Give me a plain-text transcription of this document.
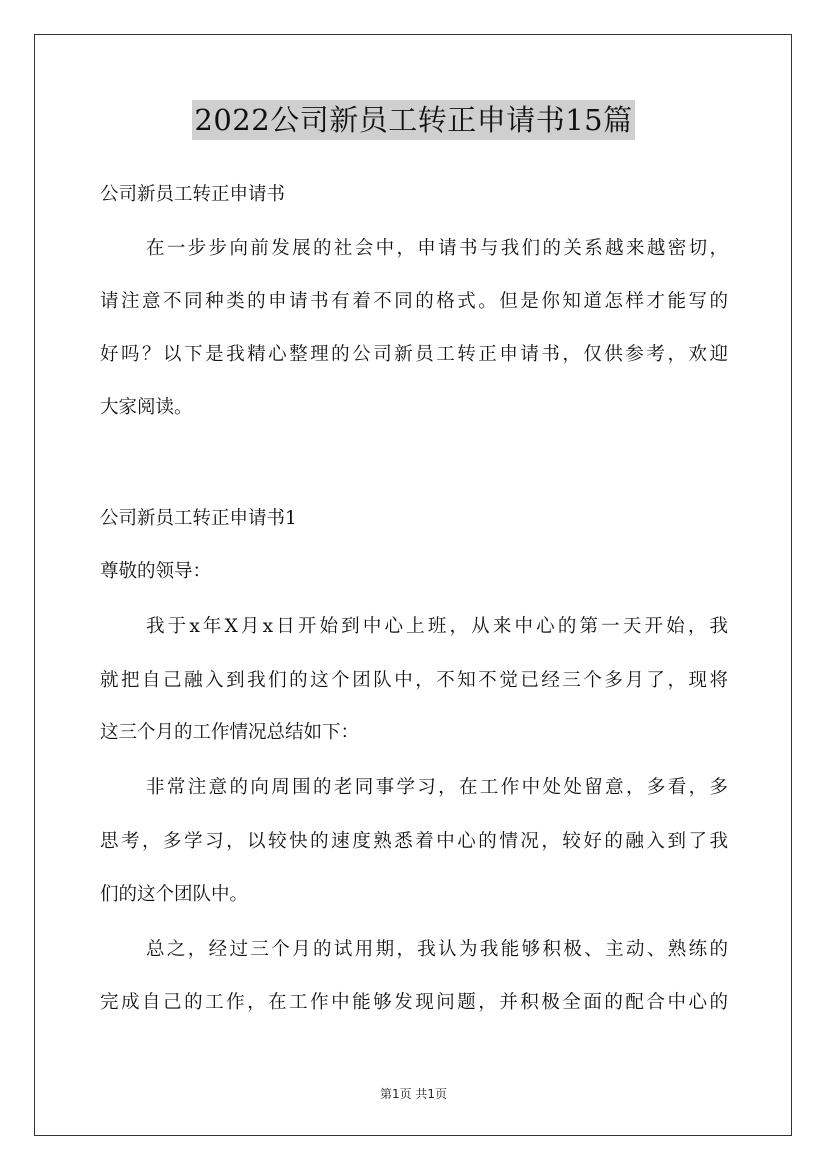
2022公司新员工转正申请书15篇
公司新员工转正申请书
在一步步向前发展的社会中，申请书与我们的关系越来越密切，
请注意不同种类的申请书有着不同的格式。但是你知道怎样才能写的
好吗？以下是我精心整理的公司新员工转正申请书，仅供参考，欢迎
大家阅读。
公司新员工转正申请书1
尊敬的领导：
我于x年X月x日开始到中心上班，从来中心的第一天开始，我
就把自己融入到我们的这个团队中，不知不觉已经三个多月了，现将
这三个月的工作情况总结如下：
非常注意的向周围的老同事学习，在工作中处处留意，多看，多
思考，多学习，以较快的速度熟悉着中心的情况，较好的融入到了我
们的这个团队中。
总之，经过三个月的试用期，我认为我能够积极、主动、熟练的
完成自己的工作，在工作中能够发现问题，并积极全面的配合中心的
第1页 共1页
